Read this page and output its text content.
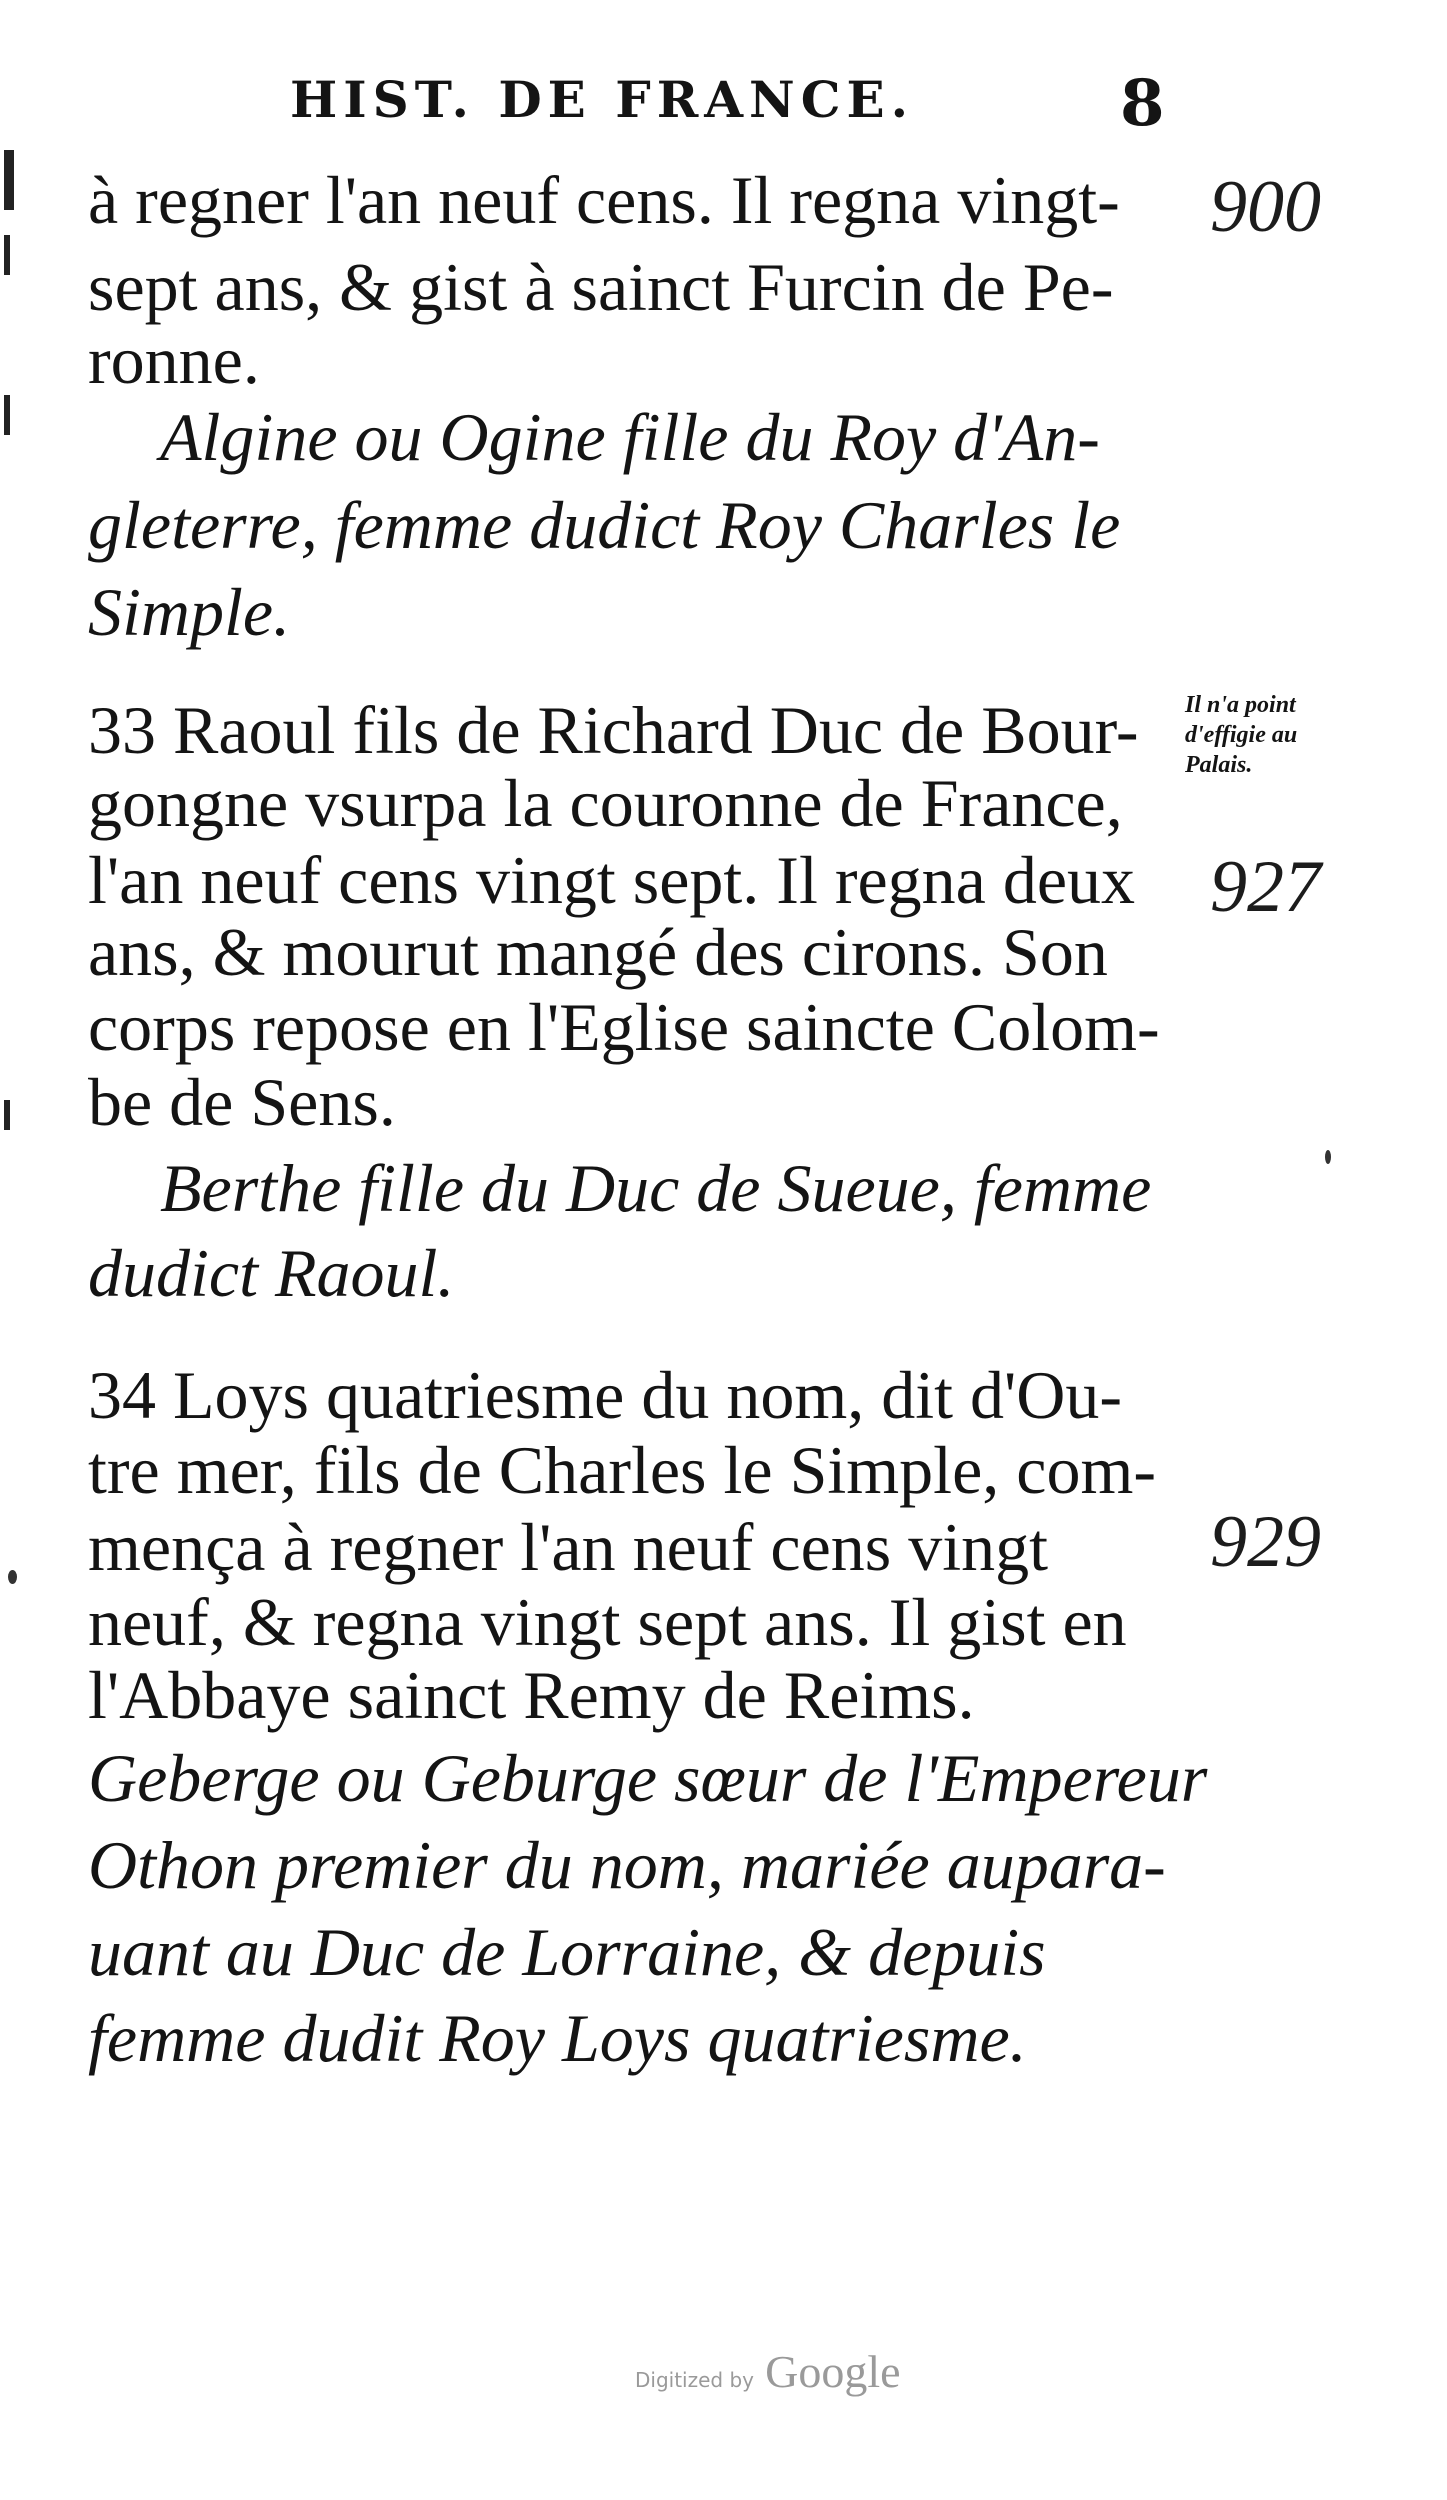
HIST. DE FRANCE.	8
à regner l'an neuf cens. Il regna vingt-
sept ans, & gist à sainct Furcin de Pe-
ronne.
Algine ou Ogine fille du Roy d'An-
gleterre, femme dudict Roy Charles le
Simple.
33 Raoul fils de Richard Duc de Bour-
gongne vsurpa la couronne de France,
l'an neuf cens vingt sept. Il regna deux
ans, & mourut mangé des cirons. Son
corps repose en l'Eglise saincte Colom-
be de Sens.
Berthe fille du Duc de Sueue, femme
dudict Raoul.
34 Loys quatriesme du nom, dit d'Ou-
tre mer, fils de Charles le Simple, com-
mença à regner l'an neuf cens vingt
neuf, & regna vingt sept ans. Il gist en
l'Abbaye sainct Remy de Reims.
Geberge ou Geburge sœur de l'Empereur
Othon premier du nom, mariée aupara-
uant au Duc de Lorraine, & depuis
femme dudit Roy Loys quatriesme.
900
927
929
Il n'a point
d'effigie au
Palais.
Digitized by Google
